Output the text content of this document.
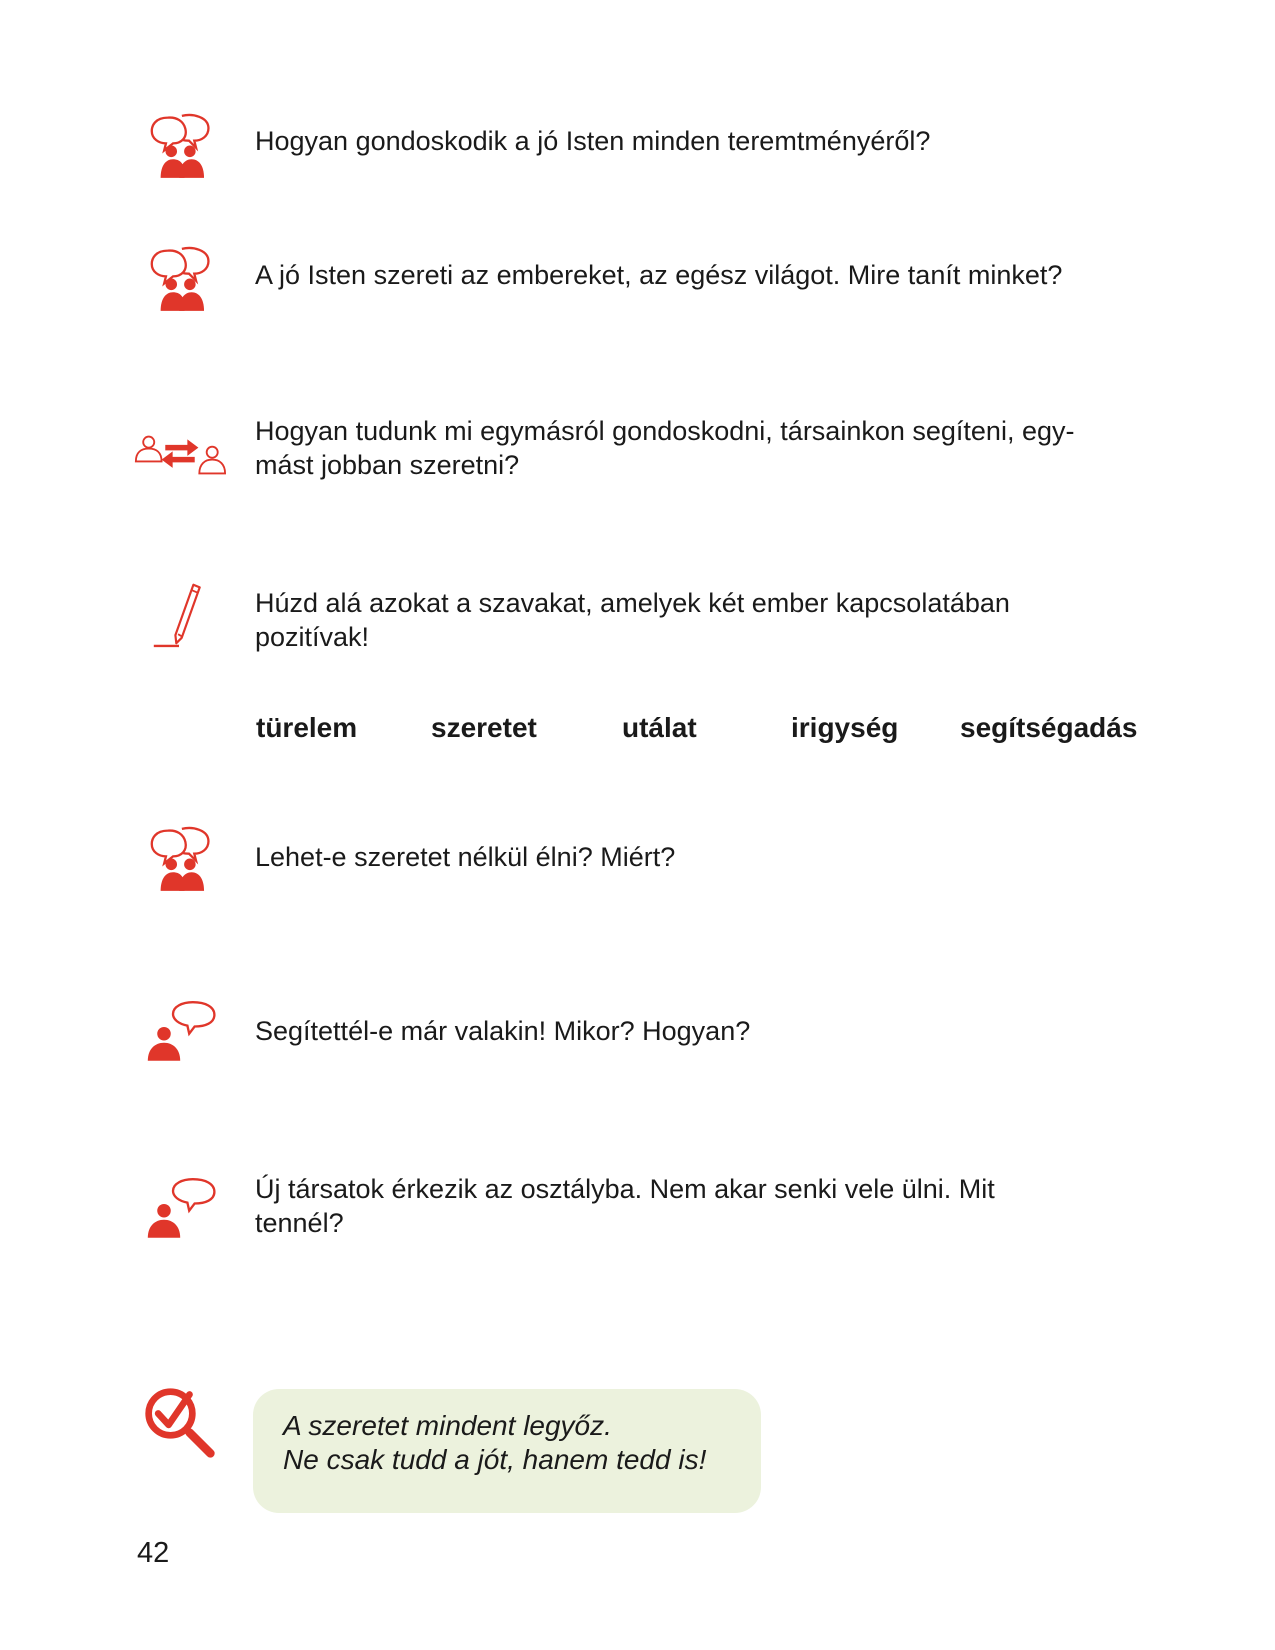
Hogyan gondoskodik a jó Isten minden teremtményéről?
A jó Isten szereti az embereket, az egész világot. Mire tanít minket?
Hogyan tudunk mi egymásról gondoskodni, társainkon segíteni, egy-
mást jobban szeretni?
Húzd alá azokat a szavakat, amelyek két ember kapcsolatában
pozitívak!
türelem	szeretet	utálat	irigység segítségadás
Lehet-e szeretet nélkül élni? Miért?
Segítettél-e már valakin! Mikor? Hogyan?
Új társatok érkezik az osztályba. Nem akar senki vele ülni. Mit
tennél?
A szeretet mindent legyőz.
Ne csak tudd a jót, hanem tedd is!
42
